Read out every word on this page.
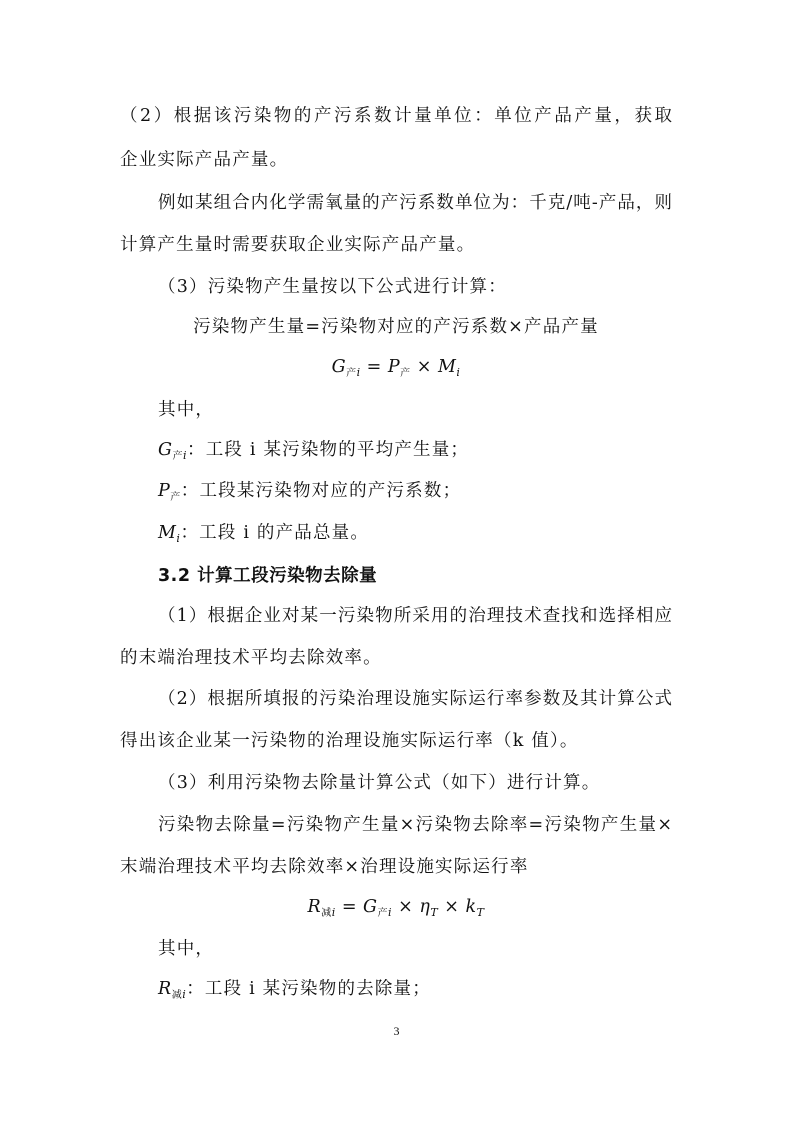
（2）根据该污染物的产污系数计量单位：单位产品产量，获取
企业实际产品产量。
例如某组合内化学需氧量的产污系数单位为：千克/吨-产品，则
计算产生量时需要获取企业实际产品产量。
（3）污染物产生量按以下公式进行计算：
污染物产生量=污染物对应的产污系数×产品产量
$G_{产i} = P_产 \times M_i$
其中，
$G_{产i}$：工段 i 某污染物的平均产生量；
$P_产$：工段某污染物对应的产污系数；
$M_i$：工段 i 的产品总量。
3.2 计算工段污染物去除量
（1）根据企业对某一污染物所采用的治理技术查找和选择相应
的末端治理技术平均去除效率。
（2）根据所填报的污染治理设施实际运行率参数及其计算公式
得出该企业某一污染物的治理设施实际运行率（k 值）。
（3）利用污染物去除量计算公式（如下）进行计算。
污染物去除量=污染物产生量×污染物去除率=污染物产生量×
末端治理技术平均去除效率×治理设施实际运行率
$R_{减i} = G_{产i} \times \eta_T \times k_T$
其中，
$R_{减i}$：工段 i 某污染物的去除量；
3
